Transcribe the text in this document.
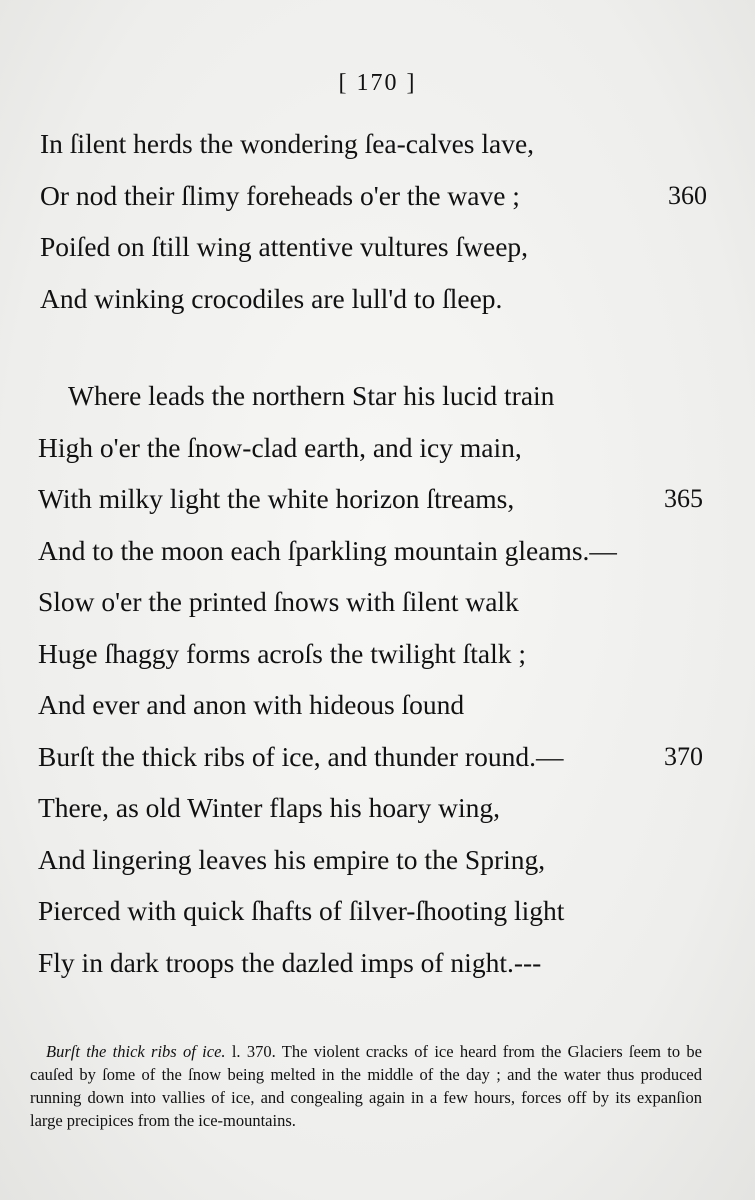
[ 170 ]
In ſilent herds the wondering ſea-calves lave,
Or nod their ſlimy foreheads o'er the wave ;	360
Poiſed on ſtill wing attentive vultures ſweep,
And winking crocodiles are lull'd to ſleep.
Where leads the northern Star his lucid train
High o'er the ſnow-clad earth, and icy main,
With milky light the white horizon ſtreams,	365
And to the moon each ſparkling mountain gleams.—
Slow o'er the printed ſnows with ſilent walk
Huge ſhaggy forms acroſs the twilight ſtalk ;
And ever and anon with hideous ſound
Burſt the thick ribs of ice, and thunder round.—	370
There, as old Winter flaps his hoary wing,
And lingering leaves his empire to the Spring,
Pierced with quick ſhafts of ſilver-ſhooting light
Fly in dark troops the dazled imps of night.---
Burſt the thick ribs of ice. l. 370. The violent cracks of ice heard from the Glaciers ſeem to be cauſed by ſome of the ſnow being melted in the middle of the day ; and the water thus produced running down into vallies of ice, and congealing again in a few hours, forces off by its expanſion large precipices from the ice-mountains.
